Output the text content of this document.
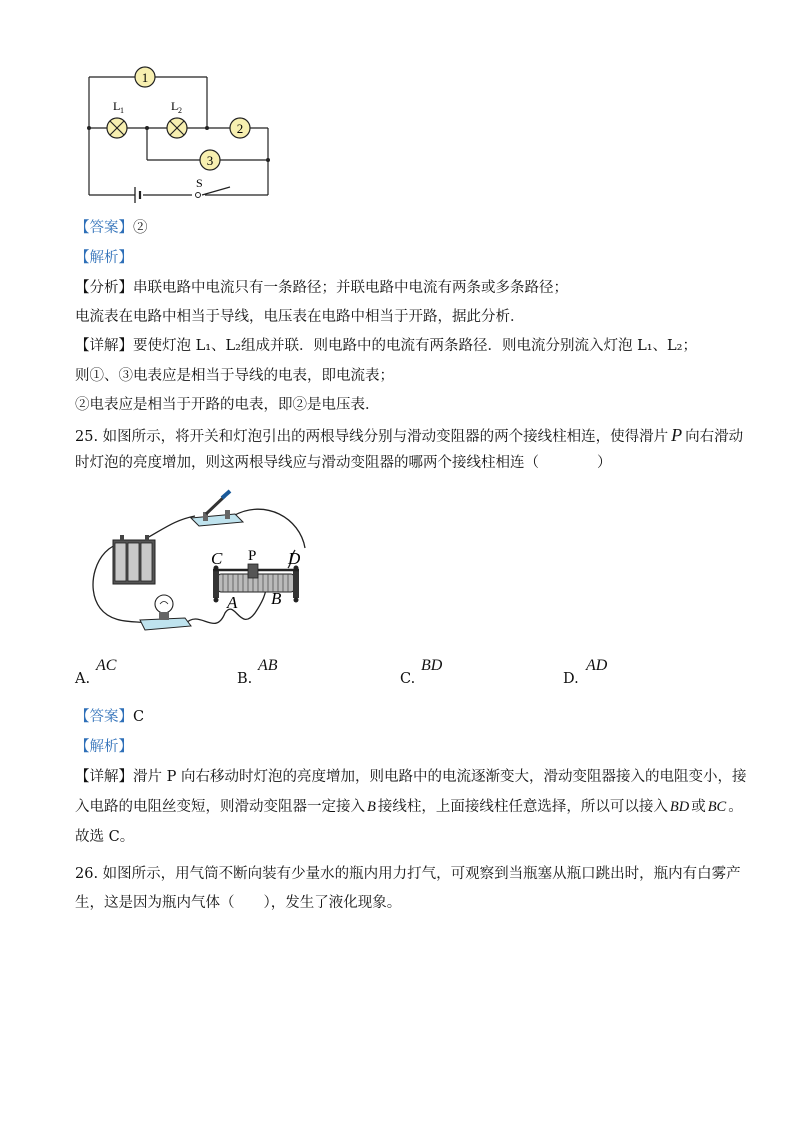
1
2
3
L 1	L 2
S
【答案】②
【解析】
【分析】串联电路中电流只有一条路径；并联电路中电流有两条或多条路径；
电流表在电路中相当于导线，电压表在电路中相当于开路，据此分析．
【详解】要使灯泡 L₁、L₂组成并联．则电路中的电流有两条路径．则电流分别流入灯泡 L₁、L₂；
则①、③电表应是相当于导线的电表，即电流表；
②电表应是相当于开路的电表，即②是电压表．
25. 如图所示，将开关和灯泡引出的两根导线分别与滑动变阻器的两个接线柱相连，使得滑片 P 向右滑动
时灯泡的亮度增加，则这两根导线应与滑动变阻器的哪两个接线柱相连（　　　　）
C P D
A B
A.
AC
B.
AB
C.
BD
D.
AD
【答案】C
【解析】
【详解】滑片 P 向右移动时灯泡的亮度增加，则电路中的电流逐渐变大，滑动变阻器接入的电阻变小，接
入电路的电阻丝变短，则滑动变阻器一定接入 B 接线柱，上面接线柱任意选择，所以可以接入 BD 或 BC 。
故选 C。
26. 如图所示，用气筒不断向装有少量水的瓶内用力打气，可观察到当瓶塞从瓶口跳出时，瓶内有白雾产
生，这是因为瓶内气体（　　），发生了液化现象。
